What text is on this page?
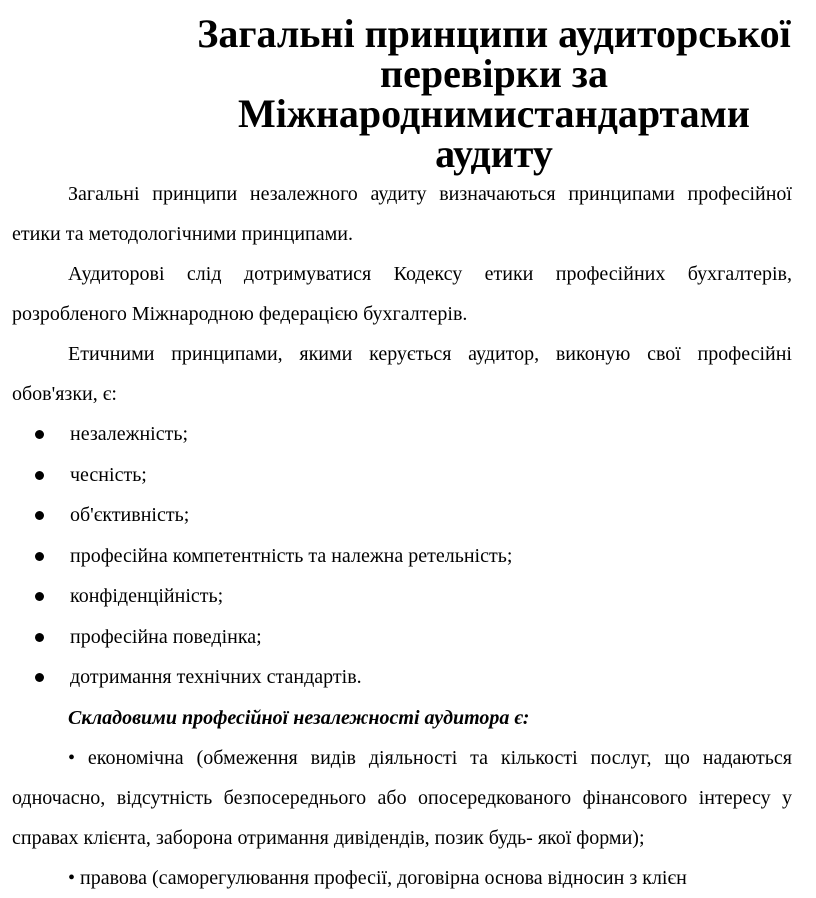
Загальні принципи аудиторської перевірки за
Міжнароднимистандартами аудиту

Загальні принципи незалежного аудиту визначаються принципами професійної етики та методологічними принципами.

Аудиторові слід дотримуватися Кодексу етики професійних бухгалтерів, розробленого Міжнародною федерацією бухгалтерів.

Етичними принципами, якими керується аудитор, виконую свої професійні обов'язки, є:

незалежність;
чесність;
об'єктивність;
професійна компетентність та належна ретельність;
конфіденційність;
професійна поведінка;
дотримання технічних стандартів.

Складовими професійної незалежності аудитора є:

• економічна (обмеження видів діяльності та кількості послуг, що надаються одночасно, відсутність безпосереднього або опосередкованого фінансового інтересу у справах клієнта, заборона отримання дивідендів, позик будь- якої форми);

• правова (саморегулювання професії, договірна основа відносин з клієн
